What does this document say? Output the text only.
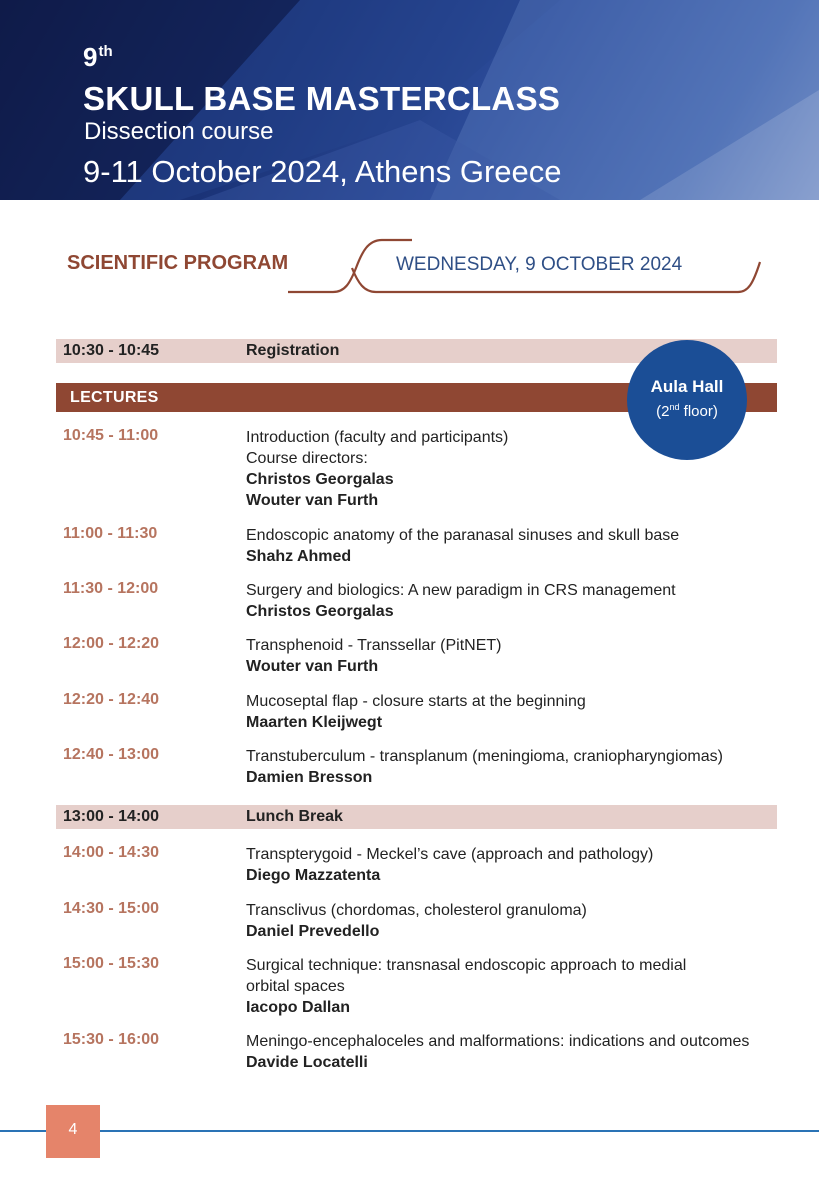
9th
SKULL BASE MASTERCLASS
Dissection course
9-11 October 2024, Athens Greece
SCIENTIFIC PROGRAM	WEDNESDAY, 9 OCTOBER 2024
10:30 - 10:45	Registration
LECTURES
Aula Hall
(2nd floor)
10:45 - 11:00	Introduction (faculty and participants)
Course directors:
Christos Georgalas
Wouter van Furth
11:00 - 11:30	Endoscopic anatomy of the paranasal sinuses and skull base
Shahz Ahmed
11:30 - 12:00	Surgery and biologics: A new paradigm in CRS management
Christos Georgalas
12:00 - 12:20	Transphenoid - Transsellar (PitNET)
Wouter van Furth
12:20 - 12:40	Mucoseptal flap - closure starts at the beginning
Maarten Kleijwegt
12:40 - 13:00	Transtuberculum - transplanum (meningioma, craniopharyngiomas)
Damien Bresson
13:00 - 14:00	Lunch Break
14:00 - 14:30	Transpterygoid - Meckel’s cave (approach and pathology)
Diego Mazzatenta
14:30 - 15:00	Transclivus (chordomas, cholesterol granuloma)
Daniel Prevedello
15:00 - 15:30	Surgical technique: transnasal endoscopic approach to medial
orbital spaces
Iacopo Dallan
15:30 - 16:00	Meningo-encephaloceles and malformations: indications and outcomes
Davide Locatelli
4
